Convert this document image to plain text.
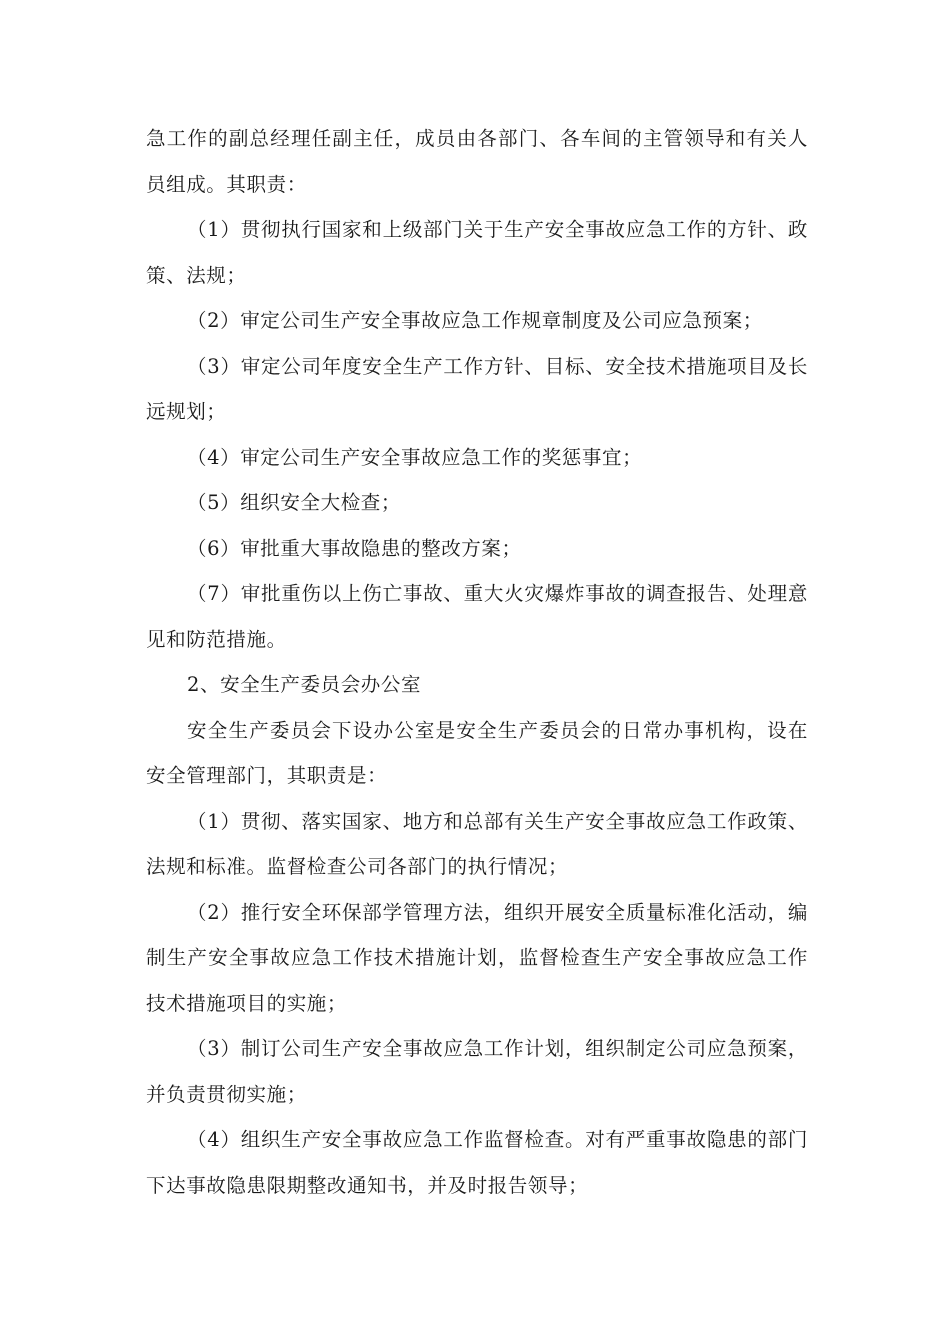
急工作的副总经理任副主任，成员由各部门、各车间的主管领导和有关人员组成。其职责：

（1）贯彻执行国家和上级部门关于生产安全事故应急工作的方针、政策、法规；

（2）审定公司生产安全事故应急工作规章制度及公司应急预案；

（3）审定公司年度安全生产工作方针、目标、安全技术措施项目及长远规划；

（4）审定公司生产安全事故应急工作的奖惩事宜；

（5）组织安全大检查；

（6）审批重大事故隐患的整改方案；

（7）审批重伤以上伤亡事故、重大火灾爆炸事故的调查报告、处理意见和防范措施。

2、安全生产委员会办公室

安全生产委员会下设办公室是安全生产委员会的日常办事机构，设在安全管理部门，其职责是：

（1）贯彻、落实国家、地方和总部有关生产安全事故应急工作政策、法规和标准。监督检查公司各部门的执行情况；

（2）推行安全环保部学管理方法，组织开展安全质量标准化活动，编制生产安全事故应急工作技术措施计划，监督检查生产安全事故应急工作技术措施项目的实施；

（3）制订公司生产安全事故应急工作计划，组织制定公司应急预案，并负责贯彻实施；

（4）组织生产安全事故应急工作监督检查。对有严重事故隐患的部门下达事故隐患限期整改通知书，并及时报告领导；
